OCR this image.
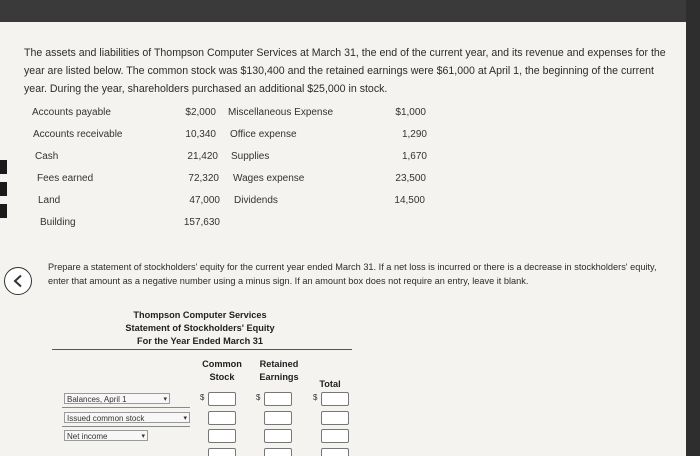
The assets and liabilities of Thompson Computer Services at March 31, the end of the current year, and its revenue and expenses for the year are listed below. The common stock was $130,400 and the retained earnings were $61,000 at April 1, the beginning of the current year. During the year, shareholders purchased an additional $25,000 in stock.

Accounts payable	$2,000 Miscellaneous Expense	$1,000
Accounts receivable	10,340 Office expense	1,290
Cash	21,420 Supplies	1,670
Fees earned	72,320 Wages expense	23,500
Land	47,000 Dividends	14,500
Building	157,630

Prepare a statement of stockholders' equity for the current year ended March 31. If a net loss is incurred or there is a decrease in stockholders' equity, enter that amount as a negative number using a minus sign. If an amount box does not require an entry, leave it blank.

Thompson Computer Services
Statement of Stockholders' Equity
For the Year Ended March 31
Common
Stock
Retained
Earnings
Total
Balances, April 1	▾	$	$	$
Issued common stock	▾
Net income	▾
